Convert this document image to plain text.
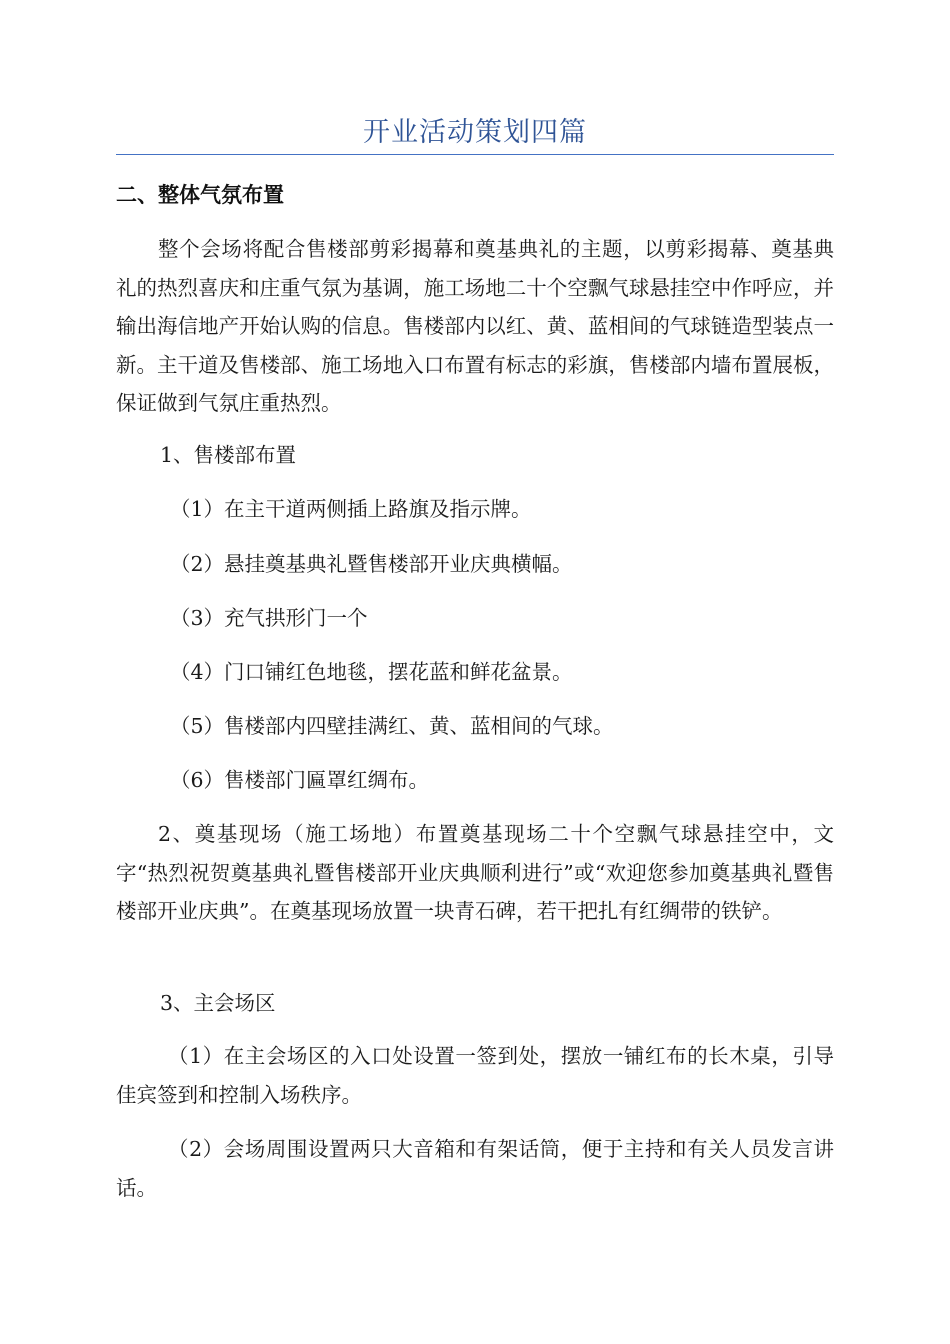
开业活动策划四篇
二、整体气氛布置

整个会场将配合售楼部剪彩揭幕和奠基典礼的主题，以剪彩揭幕、奠基典礼的热烈喜庆和庄重气氛为基调，施工场地二十个空飘气球悬挂空中作呼应，并输出海信地产开始认购的信息。售楼部内以红、黄、蓝相间的气球链造型装点一新。主干道及售楼部、施工场地入口布置有标志的彩旗，售楼部内墙布置展板，保证做到气氛庄重热烈。

1、售楼部布置
（1）在主干道两侧插上路旗及指示牌。
（2）悬挂奠基典礼暨售楼部开业庆典横幅。
（3）充气拱形门一个
（4）门口铺红色地毯，摆花蓝和鲜花盆景。
（5）售楼部内四壁挂满红、黄、蓝相间的气球。
（6）售楼部门匾罩红绸布。

2、奠基现场（施工场地）布置奠基现场二十个空飘气球悬挂空中，文字“热烈祝贺奠基典礼暨售楼部开业庆典顺利进行”或“欢迎您参加奠基典礼暨售楼部开业庆典”。在奠基现场放置一块青石碑，若干把扎有红绸带的铁铲。

3、主会场区

（1）在主会场区的入口处设置一签到处，摆放一铺红布的长木桌，引导佳宾签到和控制入场秩序。

（2）会场周围设置两只大音箱和有架话筒，便于主持和有关人员发言讲话。
